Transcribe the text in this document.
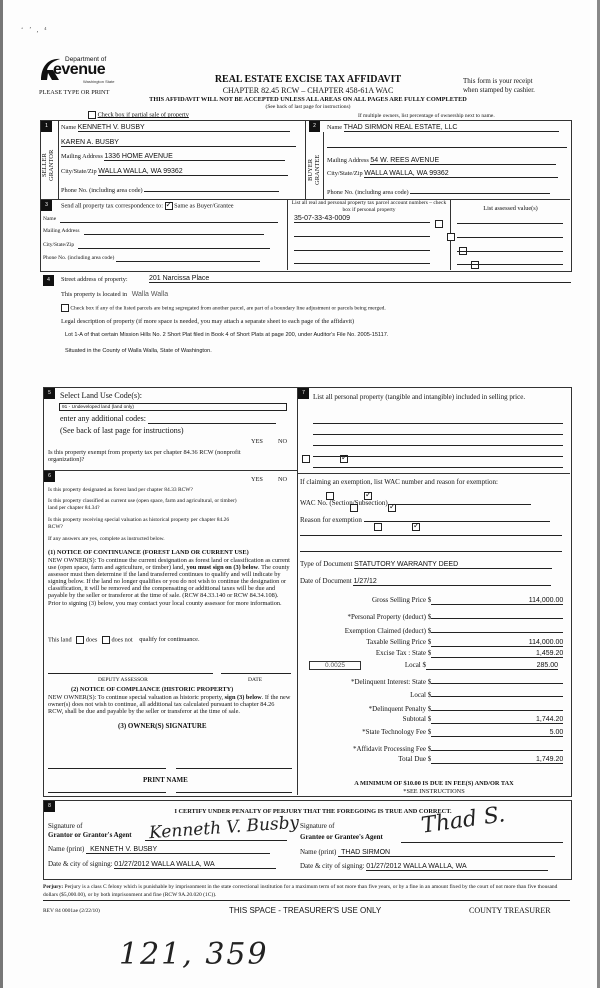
‘ ’ , ⁴
Department of
evenue
Washington State
PLEASE TYPE OR PRINT
REAL ESTATE EXCISE TAX AFFIDAVIT
CHAPTER 82.45 RCW – CHAPTER 458-61A WAC
This form is your receipt
when stamped by cashier.
THIS AFFIDAVIT WILL NOT BE ACCEPTED UNLESS ALL AREAS ON ALL PAGES ARE FULLY COMPLETED
(See back of last page for instructions)
Check box if partial sale of property	If multiple owners, list percentage of ownership next to name.
1
SELLER
GRANTOR
Name KENNETH V. BUSBY
KAREN A. BUSBY
Mailing Address 1336 HOME AVENUE
City/State/Zip WALLA WALLA, WA 99362
Phone No. (including area code)
2
BUYER
GRANTEE
Name THAD SIRMON REAL ESTATE, LLC
Mailing Address 54 W. REES AVENUE
City/State/Zip WALLA WALLA, WA 99362
Phone No. (including area code)
3	Send all property tax correspondence to: ✓ Same as Buyer/Grantee
Name
Mailing Address
City/State/Zip
Phone No. (including area code)
List all real and personal property tax parcel account numbers – check box if personal property	List assessed value(s)
35-07-33-43-0009

4	Street address of property:	201 Narcissa Place
This property is located in Walla Walla
Check box if any of the listed parcels are being segregated from another parcel, are part of a boundary line adjustment or parcels being merged.
Legal description of property (if more space is needed, you may attach a separate sheet to each page of the affidavit)
Lot 1-A of that certain Mission Hills No. 2 Short Plat filed in Book 4 of Short Plats at page 200, under Auditor's File No. 2005-15117.
Situated in the County of Walla Walla, State of Washington.
5	Select Land Use Code(s):
91 - Undeveloped land (land only)
enter any additional codes:
(See back of last page for instructions)
YES NO
Is this property exempt from property tax per chapter 84.36 RCW (nonprofit organization)?
✓
6	YES NO
Is this property designated as forest land per chapter 84.33 RCW?
✓
Is this property classified as current use (open space, farm and agricultural, or timber) land per chapter 84.34?
✓
Is this property receiving special valuation as historical property per chapter 84.26 RCW?
✓
If any answers are yes, complete as instructed below.
(1) NOTICE OF CONTINUANCE (FOREST LAND OR CURRENT USE)
NEW OWNER(S): To continue the current designation as forest land or classification as current use (open space, farm and agriculture, or timber) land, you must sign on (3) below. The county assessor must then determine if the land transferred continues to qualify and will indicate by signing below. If the land no longer qualifies or you do not wish to continue the designation or classification, it will be removed and the compensating or additional taxes will be due and payable by the seller or transferor at the time of sale. (RCW 84.33.140 or RCW 84.34.108). Prior to signing (3) below, you may contact your local county assessor for more information.
This land does does not qualify for continuance.
DEPUTY ASSESSOR	DATE
(2) NOTICE OF COMPLIANCE (HISTORIC PROPERTY)
NEW OWNER(S): To continue special valuation as historic property, sign (3) below. If the new owner(s) does not wish to continue, all additional tax calculated pursuant to chapter 84.26 RCW, shall be due and payable by the seller or transferor at the time of sale.
(3) OWNER(S) SIGNATURE
PRINT NAME
7	List all personal property (tangible and intangible) included in selling price.
If claiming an exemption, list WAC number and reason for exemption:
WAC No. (Section/Subsection)
Reason for exemption
Type of Document STATUTORY WARRANTY DEED
Date of Document 1/27/12
Gross Selling Price $	114,000.00
*Personal Property (deduct) $
Exemption Claimed (deduct) $
Taxable Selling Price $	114,000.00
Excise Tax : State $	1,459.20
0.0025	Local $	285.00
*Delinquent Interest: State $
Local $
*Delinquent Penalty $
Subtotal $	1,744.20
*State Technology Fee $	5.00
*Affidavit Processing Fee $
Total Due $	1,749.20
A MINIMUM OF $10.00 IS DUE IN FEE(S) AND/OR TAX
*SEE INSTRUCTIONS
8
I CERTIFY UNDER PENALTY OF PERJURY THAT THE FOREGOING IS TRUE AND CORRECT.
Signature of
Grantor or Grantor's Agent Kenneth V. Busby
Name (print) KENNETH V. BUSBY
Date & city of signing: 01/27/2012 WALLA WALLA, WA
Signature of
Grantee or Grantee's Agent Thad S.
Name (print) THAD SIRMON
Date & city of signing: 01/27/2012 WALLA WALLA, WA
Perjury: Perjury is a class C felony which is punishable by imprisonment in the state correctional institution for a maximum term of not more than five years, or by a fine in an amount fixed by the court of not more than five thousand dollars ($5,000.00), or by both imprisonment and fine (RCW 9A.20.020 (1C)).
REV 84 0001ae (2/22/10)	THIS SPACE - TREASURER'S USE ONLY	COUNTY TREASURER
121, 359
